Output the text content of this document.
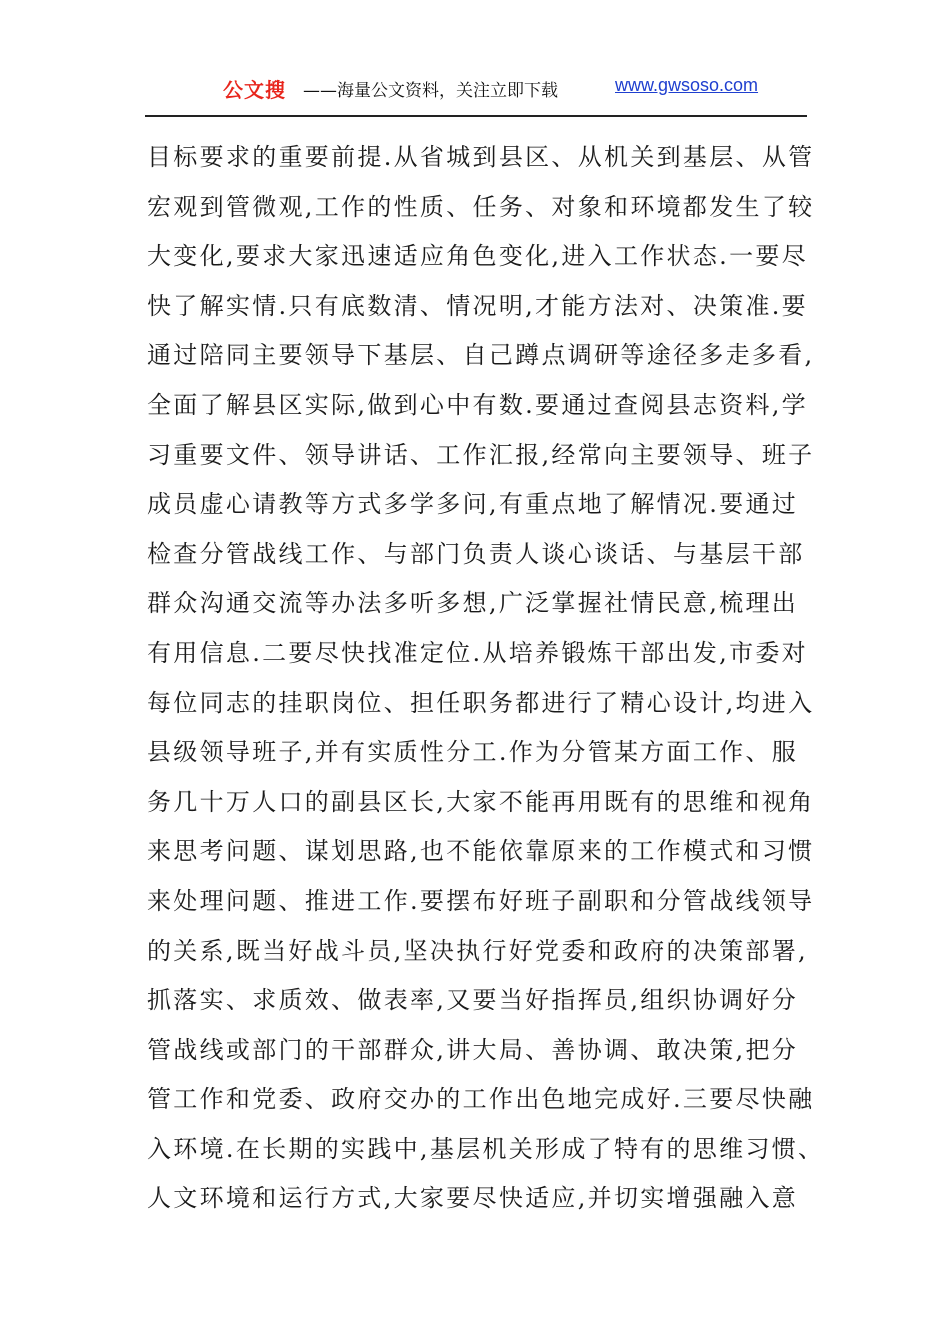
公文搜 ——海量公文资料，关注立即下载	www.gwsoso.com
目标要求的重要前提.从省城到县区、从机关到基层、从管
宏观到管微观,工作的性质、任务、对象和环境都发生了较
大变化,要求大家迅速适应角色变化,进入工作状态.一要尽
快了解实情.只有底数清、情况明,才能方法对、决策准.要
通过陪同主要领导下基层、自己蹲点调研等途径多走多看,
全面了解县区实际,做到心中有数.要通过查阅县志资料,学
习重要文件、领导讲话、工作汇报,经常向主要领导、班子
成员虚心请教等方式多学多问,有重点地了解情况.要通过
检查分管战线工作、与部门负责人谈心谈话、与基层干部
群众沟通交流等办法多听多想,广泛掌握社情民意,梳理出
有用信息.二要尽快找准定位.从培养锻炼干部出发,市委对
每位同志的挂职岗位、担任职务都进行了精心设计,均进入
县级领导班子,并有实质性分工.作为分管某方面工作、服
务几十万人口的副县区长,大家不能再用既有的思维和视角
来思考问题、谋划思路,也不能依靠原来的工作模式和习惯
来处理问题、推进工作.要摆布好班子副职和分管战线领导
的关系,既当好战斗员,坚决执行好党委和政府的决策部署,
抓落实、求质效、做表率,又要当好指挥员,组织协调好分
管战线或部门的干部群众,讲大局、善协调、敢决策,把分
管工作和党委、政府交办的工作出色地完成好.三要尽快融
入环境.在长期的实践中,基层机关形成了特有的思维习惯、
人文环境和运行方式,大家要尽快适应,并切实增强融入意
